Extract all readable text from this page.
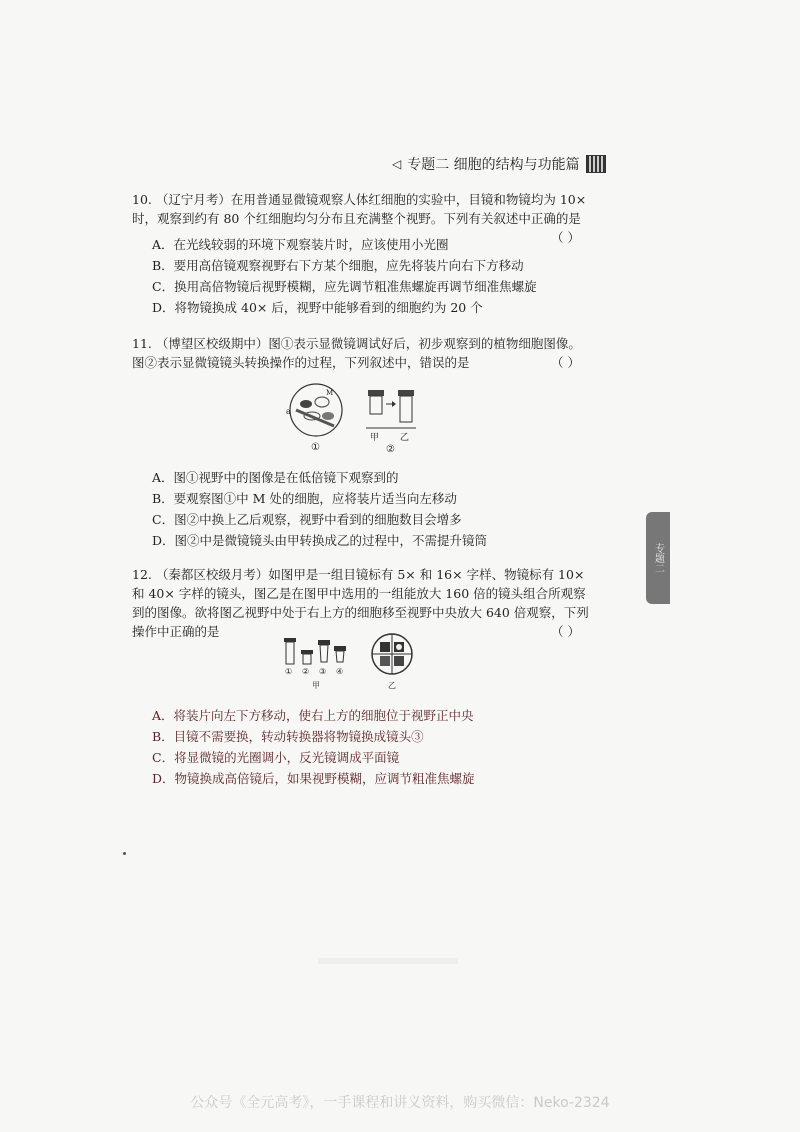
◁ 专题二 细胞的结构与功能篇

10. （辽宁月考）在用普通显微镜观察人体红细胞的实验中，目镜和物镜均为 10× 时，观察到约有 80 个红细胞均匀分布且充满整个视野。下列有关叙述中正确的是
（ ）

A．在光线较弱的环境下观察装片时，应该使用小光圈
B．要用高倍镜观察视野右下方某个细胞，应先将装片向右下方移动
C．换用高倍物镜后视野模糊，应先调节粗准焦螺旋再调节细准焦螺旋
D．将物镜换成 40× 后，视野中能够看到的细胞约为 20 个

11. （博望区校级期中）图①表示显微镜调试好后，初步观察到的植物细胞图像。图②表示显微镜镜头转换操作的过程，下列叙述中，错误的是	（ ）

a
M
①
甲 乙
②
A．图①视野中的图像是在低倍镜下观察到的
B．要观察图①中 M 处的细胞，应将装片适当向左移动
C．图②中换上乙后观察，视野中看到的细胞数目会增多
D．图②中是微镜镜头由甲转换成乙的过程中，不需提升镜筒

12. （秦都区校级月考）如图甲是一组目镜标有 5× 和 16× 字样、物镜标有 10× 和 40× 字样的镜头，图乙是在图甲中选用的一组能放大 160 倍的镜头组合所观察到的图像。欲将图乙视野中处于右上方的细胞移至视野中央放大 640 倍观察，下列操作中正确的是	（ ）

① ② ③ ④
甲	乙
A．将装片向左下方移动，使右上方的细胞位于视野正中央
B．目镜不需要换，转动转换器将物镜换成镜头③
C．将显微镜的光圈调小，反光镜调成平面镜
D．物镜换成高倍镜后，如果视野模糊，应调节粗准焦螺旋
专题二
公众号《全元高考》，一手课程和讲义资料，购买微信：Neko-2324
